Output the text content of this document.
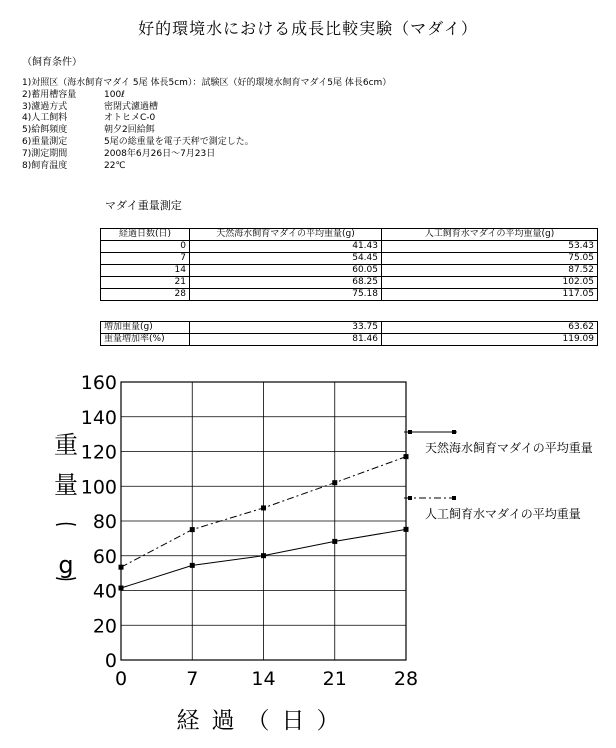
好的環境水における成長比較実験（マダイ）
（飼育条件）
1)対照区（海水飼育マダイ 5尾 体長5cm）：試験区（好的環境水飼育マダイ5尾 体長6cm）
2)蓄用槽容量	100ℓ
3)濾過方式	密閉式濾過槽
4)人工飼料	オトヒメC-0
5)給餌頻度	朝夕2回給餌
6)重量測定	5尾の総重量を電子天秤で測定した。
7)測定期間	2008年6月26日〜7月23日
8)飼育温度	22℃
マダイ重量測定
経過日数(日)	天然海水飼育マダイの平均重量(g)	人工飼育水マダイの平均重量(g)
0	41.43	53.43
7	54.45	75.05
14	60.05	87.52
21	68.25	102.05
28	75.18	117.05
増加重量(g)	33.75	63.62
重量増加率(%)	81.46	119.09
0
20
40
60
80
100
120
140
160
0	7	14 21 28
重
量
g
経過（日）
天然海水飼育マダイの平均重量
人工飼育水マダイの平均重量
